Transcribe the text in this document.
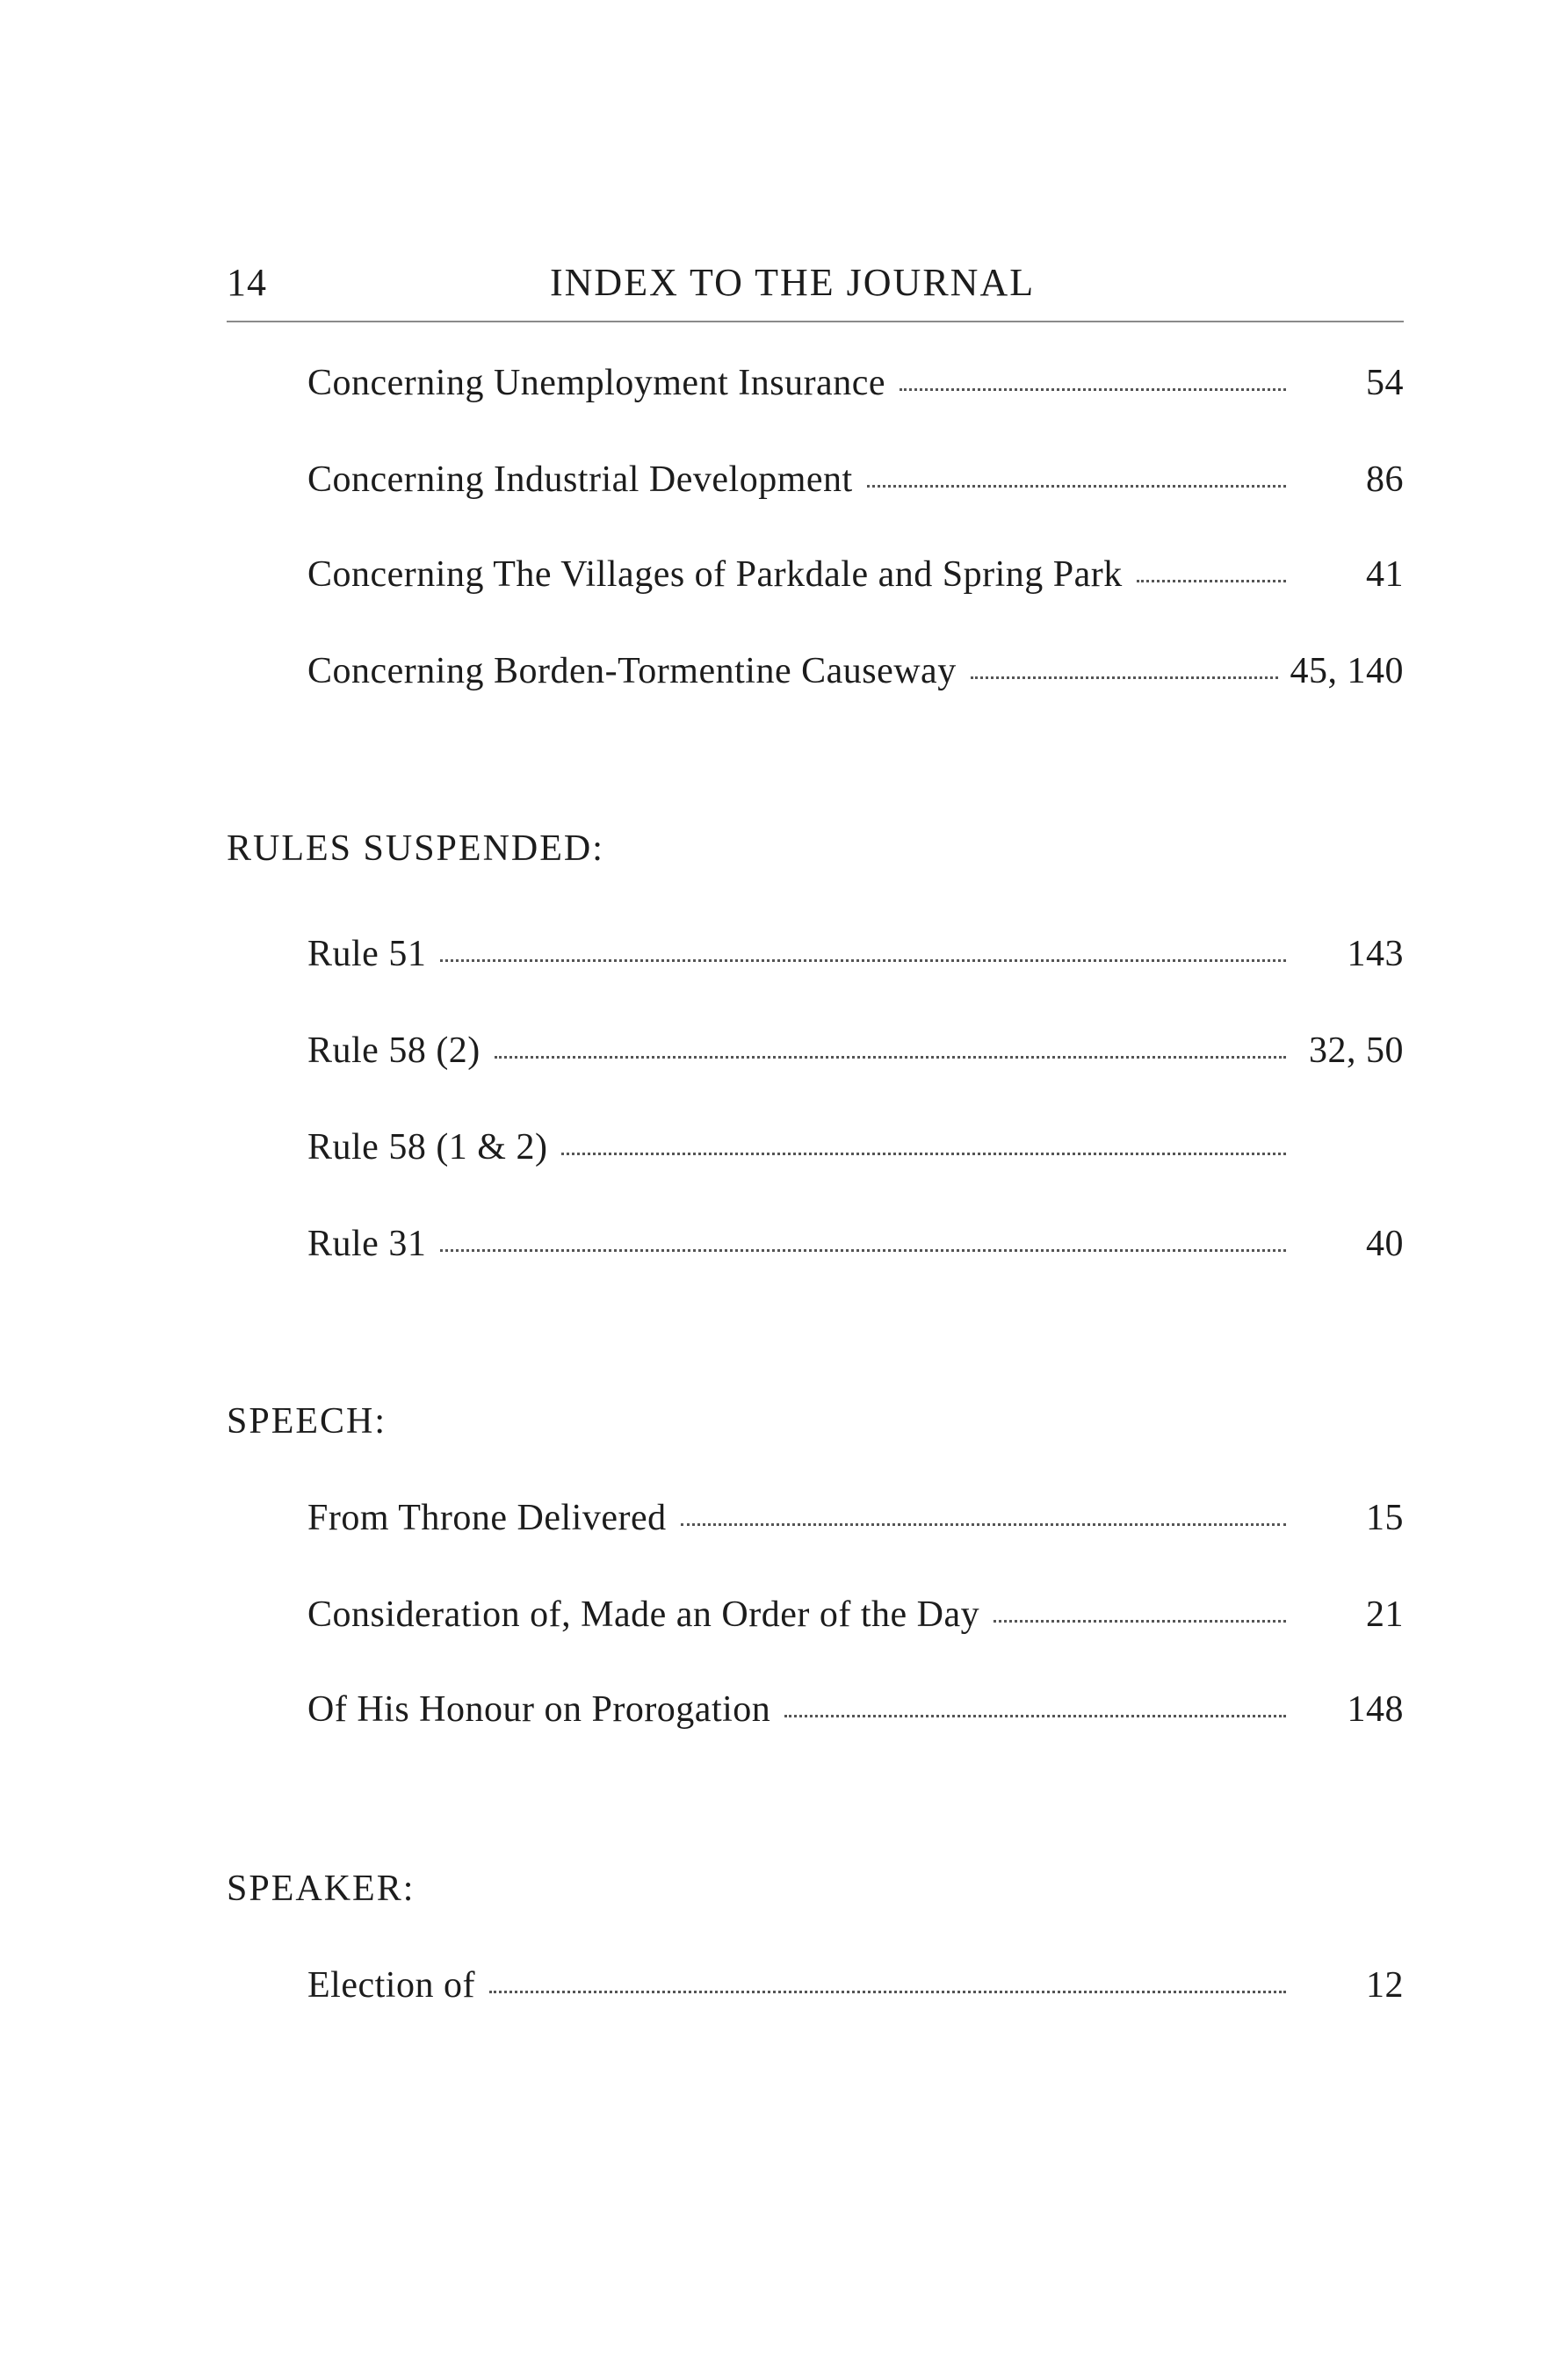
14	INDEX TO THE JOURNAL
Concerning Unemployment Insurance	54
Concerning Industrial Development	86
Concerning The Villages of Parkdale and Spring Park	41
Concerning Borden-Tormentine Causeway	45, 140
RULES SUSPENDED:
Rule 51	143
Rule 58 (2)	32, 50
Rule 58 (1 & 2)
Rule 31	40
SPEECH:
From Throne Delivered	15
Consideration of, Made an Order of the Day	21
Of His Honour on Prorogation	148
SPEAKER:
Election of	12
